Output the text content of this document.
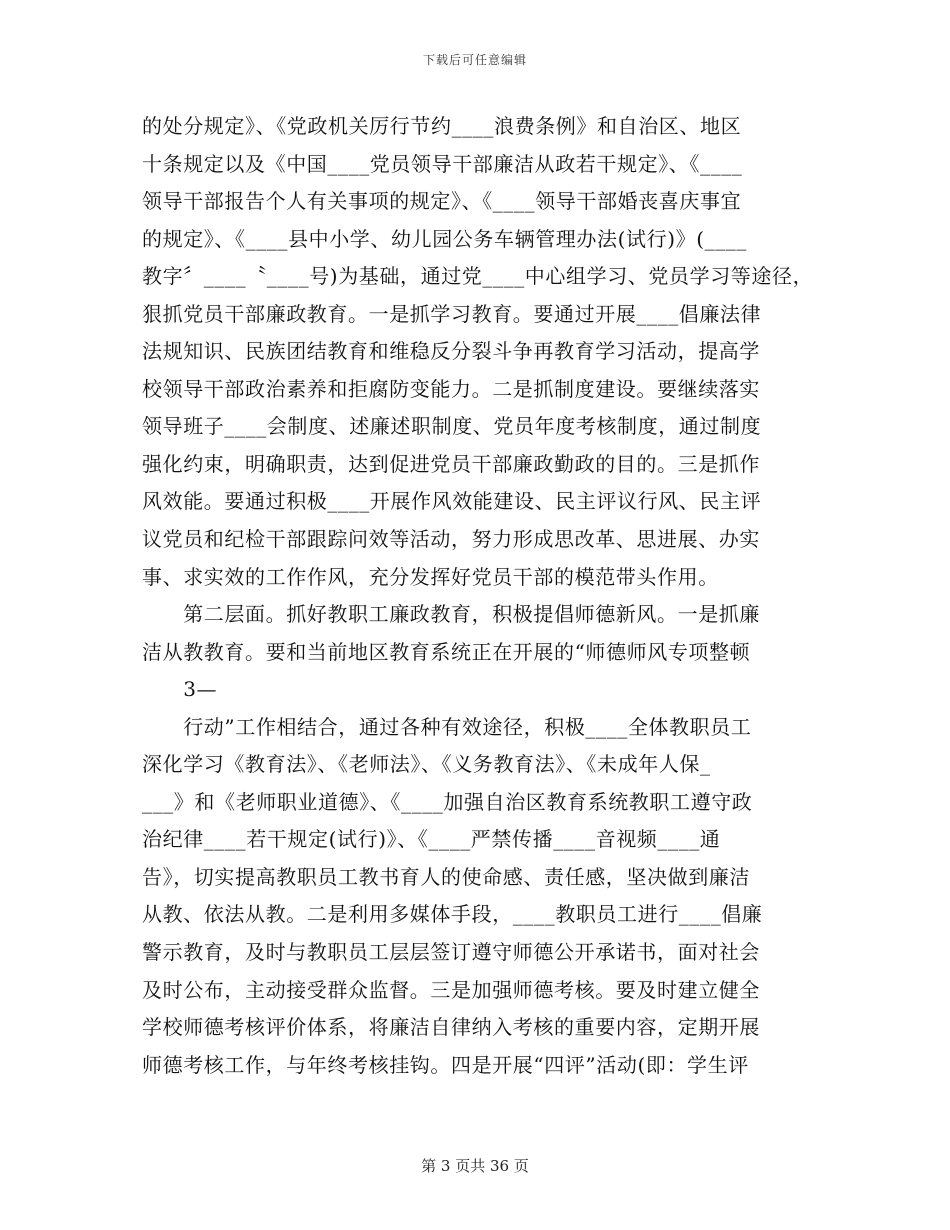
下载后可任意编辑
的处分规定》、《党政机关厉行节约____浪费条例》和自治区、地区
十条规定以及《中国____党员领导干部廉洁从政若干规定》、《____
领导干部报告个人有关事项的规定》、《____领导干部婚丧喜庆事宜
的规定》、《____县中小学、幼儿园公务车辆管理办法(试行)》(____
教字〞____〝____号)为基础，通过党____中心组学习、党员学习等途径，
狠抓党员干部廉政教育。一是抓学习教育。要通过开展____倡廉法律
法规知识、民族团结教育和维稳反分裂斗争再教育学习活动，提高学
校领导干部政治素养和拒腐防变能力。二是抓制度建设。要继续落实
领导班子____会制度、述廉述职制度、党员年度考核制度，通过制度
强化约束，明确职责，达到促进党员干部廉政勤政的目的。三是抓作
风效能。要通过积极____开展作风效能建设、民主评议行风、民主评
议党员和纪检干部跟踪问效等活动，努力形成思改革、思进展、办实
事、求实效的工作作风，充分发挥好党员干部的模范带头作用。
　　第二层面。抓好教职工廉政教育，积极提倡师德新风。一是抓廉
洁从教教育。要和当前地区教育系统正在开展的“师德师风专项整顿
　　3—
　　行动”工作相结合，通过各种有效途径，积极____全体教职员工
深化学习《教育法》、《老师法》、《义务教育法》、《未成年人保_
___》和《老师职业道德》、《____加强自治区教育系统教职工遵守政
治纪律____若干规定(试行)》、《____严禁传播____音视频____通
告》，切实提高教职员工教书育人的使命感、责任感，坚决做到廉洁
从教、依法从教。二是利用多媒体手段，____教职员工进行____倡廉
警示教育，及时与教职员工层层签订遵守师德公开承诺书，面对社会
及时公布，主动接受群众监督。三是加强师德考核。要及时建立健全
学校师德考核评价体系，将廉洁自律纳入考核的重要内容，定期开展
师德考核工作，与年终考核挂钩。四是开展“四评”活动(即：学生评
第 3 页共 36 页
